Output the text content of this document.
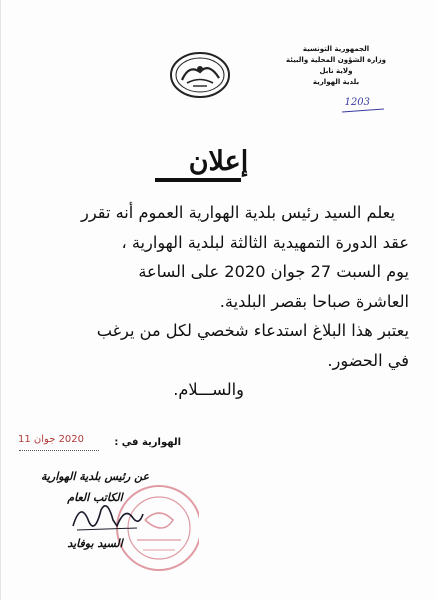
الجمهورية التونسية
وزارة الشؤون المحلية والبيئة
ولاية نابل
بلدية الهوارية
1203
إعلان
يعلم السيد رئيس بلدية الهوارية العموم أنه تقرر
عقد الدورة التمهيدية الثالثة لبلدية الهوارية ،
يوم السبت 27 جوان 2020 على الساعة
العاشرة صباحا بقصر البلدية.
يعتبر هذا البلاغ استدعاء شخصي لكل من يرغب
في الحضور.
والســـلام.
الهوارية في :
2020 جوان 11
عن رئيس بلدية الهوارية
الكاتب العام
السيد بوفايد
